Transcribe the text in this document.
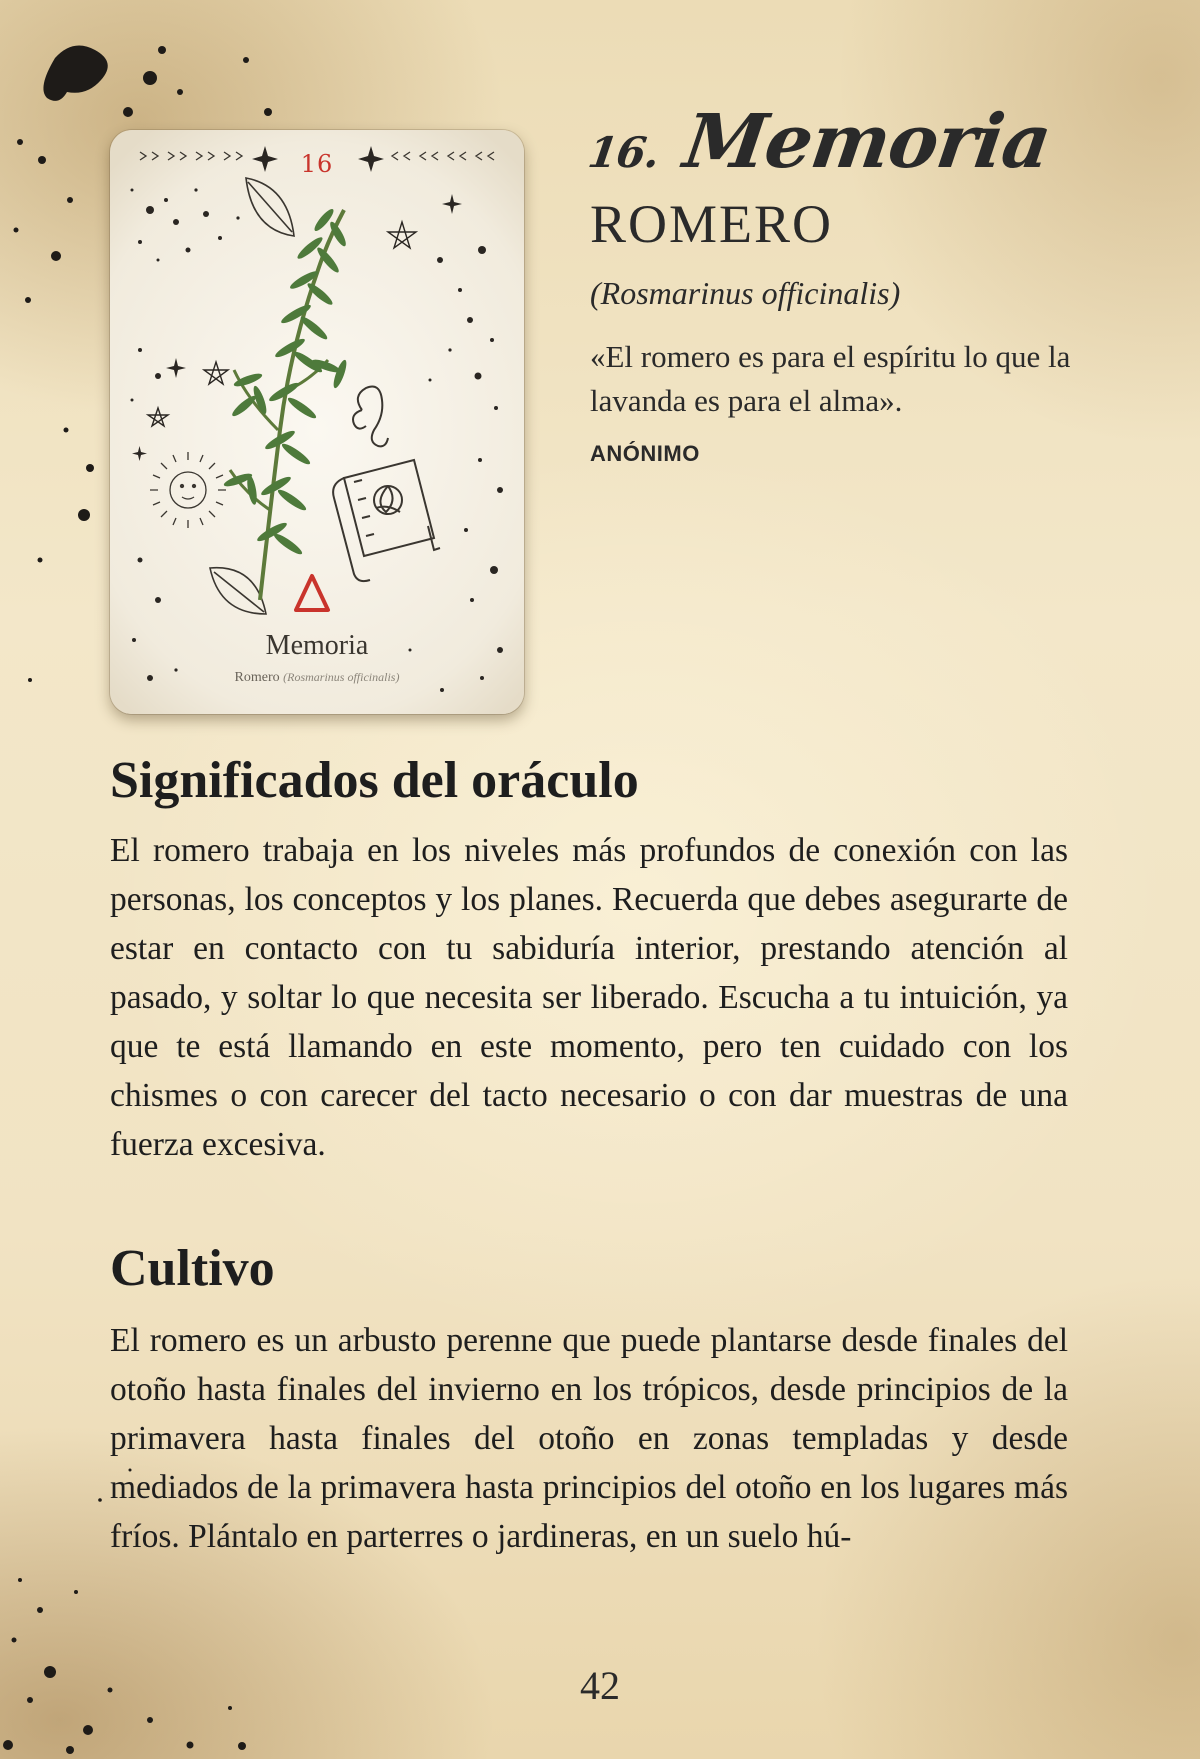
16
Memoria
Romero (Rosmarinus officinalis)
16. Memoria
ROMERO
(Rosmarinus officinalis)
«El romero es para el espíritu lo que la lavanda es para el alma».
ANÓNIMO
Significados del oráculo

El romero trabaja en los niveles más profundos de conexión con las personas, los conceptos y los planes. Recuerda que debes asegurarte de estar en contacto con tu sabiduría interior, prestando atención al pasado, y soltar lo que necesita ser liberado. Escucha a tu intuición, ya que te está llamando en este momento, pero ten cuidado con los chismes o con carecer del tacto necesario o con dar muestras de una fuerza excesiva.

Cultivo

El romero es un arbusto perenne que puede plantarse desde finales del otoño hasta finales del invierno en los trópicos, desde principios de la primavera hasta finales del otoño en zonas templadas y desde mediados de la primavera hasta principios del otoño en los lugares más fríos. Plántalo en parterres o jardineras, en un suelo hú-

42
